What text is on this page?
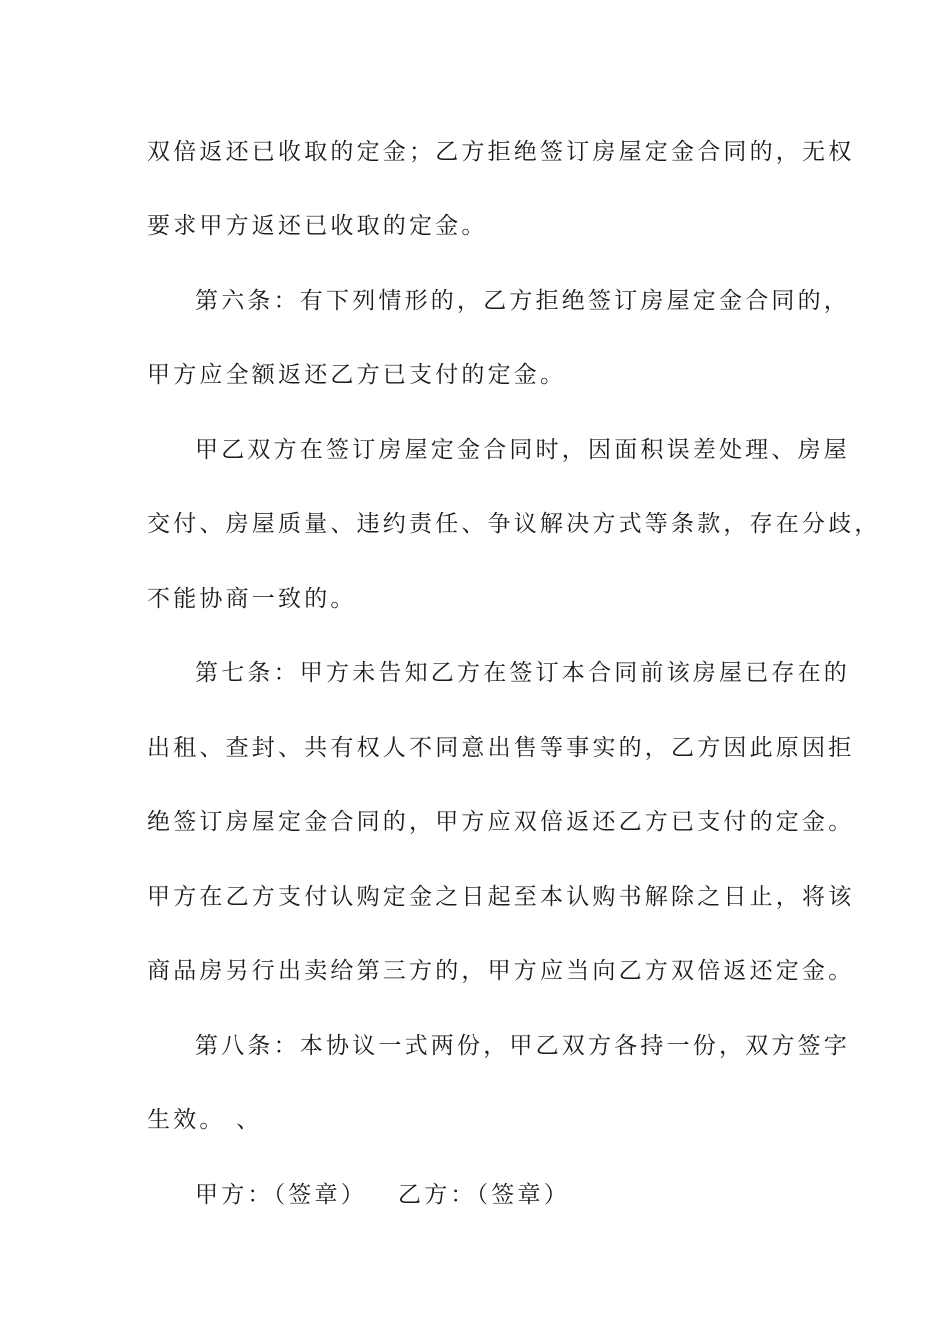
双倍返还已收取的定金；乙方拒绝签订房屋定金合同的，无权
要求甲方返还已收取的定金。
第六条：有下列情形的，乙方拒绝签订房屋定金合同的，
甲方应全额返还乙方已支付的定金。
甲乙双方在签订房屋定金合同时，因面积误差处理、房屋
交付、房屋质量、违约责任、争议解决方式等条款，存在分歧，
不能协商一致的。
第七条：甲方未告知乙方在签订本合同前该房屋已存在的
出租、查封、共有权人不同意出售等事实的，乙方因此原因拒
绝签订房屋定金合同的，甲方应双倍返还乙方已支付的定金。
甲方在乙方支付认购定金之日起至本认购书解除之日止，将该
商品房另行出卖给第三方的，甲方应当向乙方双倍返还定金。
第八条：本协议一式两份，甲乙双方各持一份，双方签字
生效。 、
甲方：（签章） 乙方：（签章）
